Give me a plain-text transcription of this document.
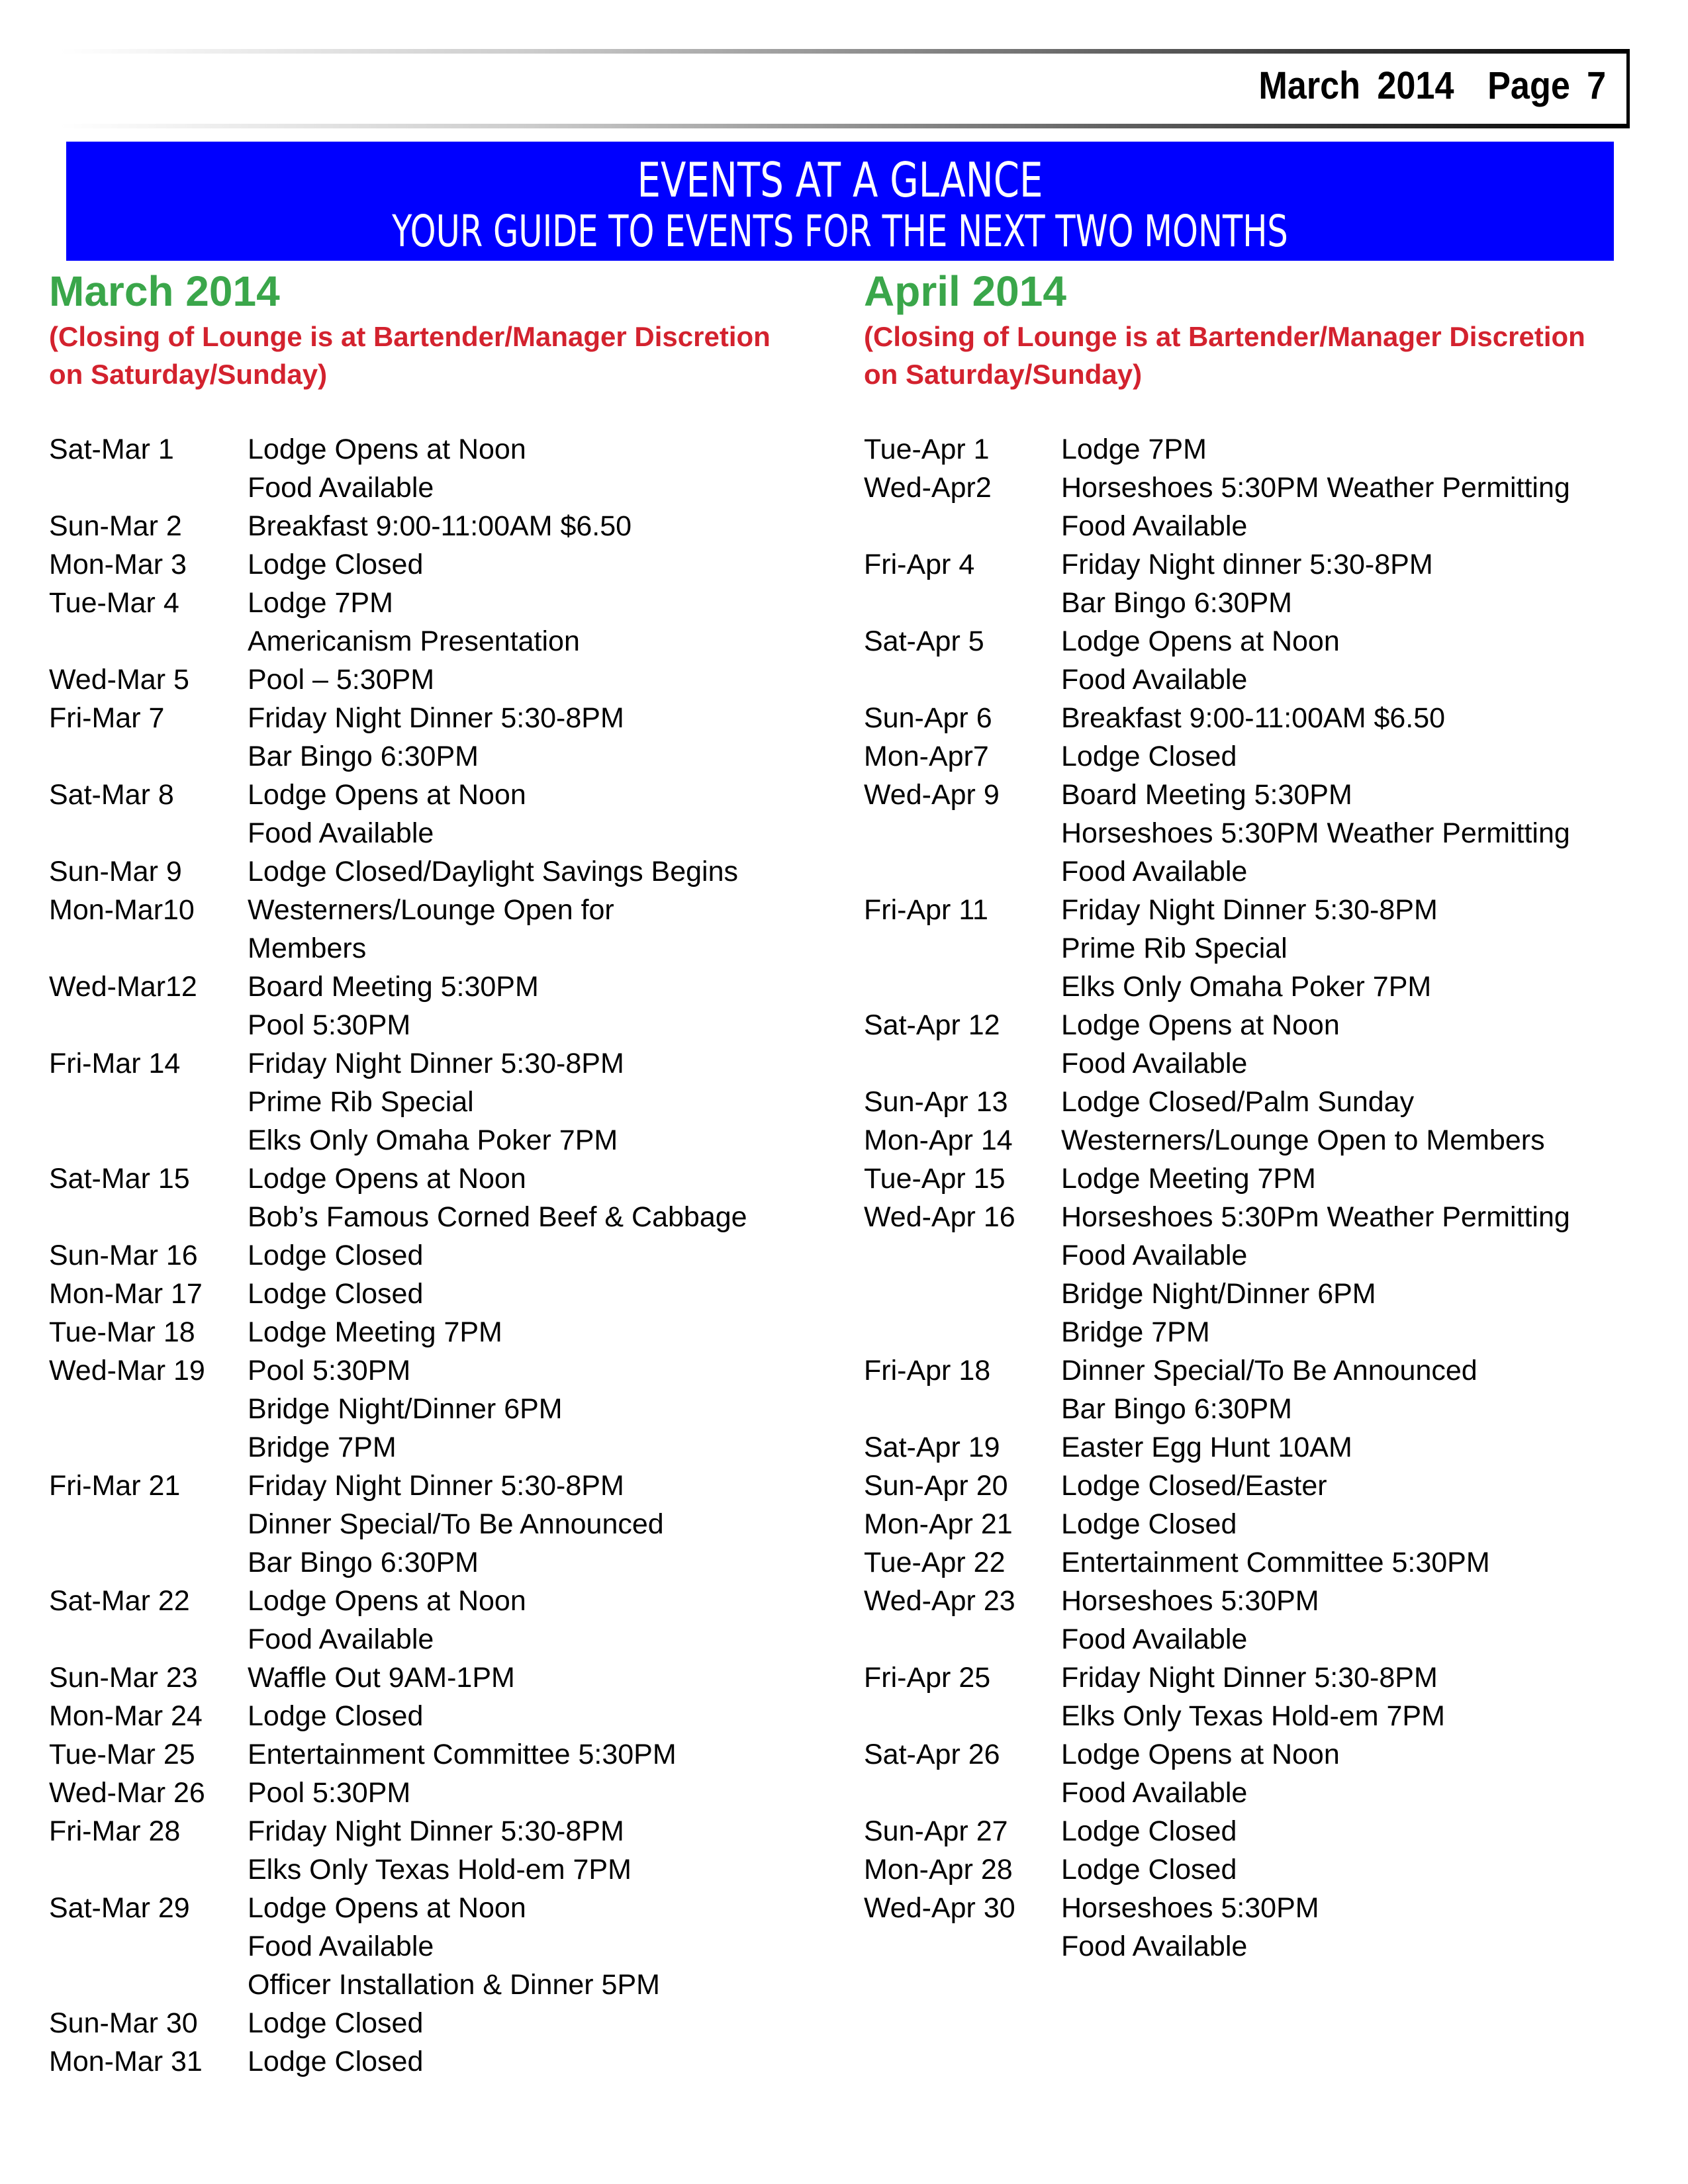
March 2014 Page 7
EVENTS AT A GLANCE
YOUR GUIDE TO EVENTS FOR THE NEXT TWO MONTHS
March 2014
(Closing of Lounge is at Bartender/Manager Discretion on Saturday/Sunday)
Sat-Mar 1	Lodge Opens at Noon
Food Available
Sun-Mar 2	Breakfast 9:00-11:00AM $6.50
Mon-Mar 3	Lodge Closed
Tue-Mar 4	Lodge 7PM
Americanism Presentation
Wed-Mar 5	Pool – 5:30PM
Fri-Mar 7	Friday Night Dinner 5:30-8PM
Bar Bingo 6:30PM
Sat-Mar 8	Lodge Opens at Noon
Food Available
Sun-Mar 9	Lodge Closed/Daylight Savings Begins
Mon-Mar10	Westerners/Lounge Open for
Members
Wed-Mar12	Board Meeting 5:30PM
Pool 5:30PM
Fri-Mar 14	Friday Night Dinner 5:30-8PM
Prime Rib Special
Elks Only Omaha Poker 7PM
Sat-Mar 15	Lodge Opens at Noon
Bob’s Famous Corned Beef & Cabbage
Sun-Mar 16	Lodge Closed
Mon-Mar 17	Lodge Closed
Tue-Mar 18	Lodge Meeting 7PM
Wed-Mar 19	Pool 5:30PM
Bridge Night/Dinner 6PM
Bridge 7PM
Fri-Mar 21	Friday Night Dinner 5:30-8PM
Dinner Special/To Be Announced
Bar Bingo 6:30PM
Sat-Mar 22	Lodge Opens at Noon
Food Available
Sun-Mar 23	Waffle Out 9AM-1PM
Mon-Mar 24	Lodge Closed
Tue-Mar 25	Entertainment Committee 5:30PM
Wed-Mar 26	Pool 5:30PM
Fri-Mar 28	Friday Night Dinner 5:30-8PM
Elks Only Texas Hold-em 7PM
Sat-Mar 29	Lodge Opens at Noon
Food Available
Officer Installation & Dinner 5PM
Sun-Mar 30	Lodge Closed
Mon-Mar 31	Lodge Closed
April 2014
(Closing of Lounge is at Bartender/Manager Discretion on Saturday/Sunday)
Tue-Apr 1	Lodge 7PM
Wed-Apr2	Horseshoes 5:30PM Weather Permitting
Food Available
Fri-Apr 4	Friday Night dinner 5:30-8PM
Bar Bingo 6:30PM
Sat-Apr 5	Lodge Opens at Noon
Food Available
Sun-Apr 6	Breakfast 9:00-11:00AM $6.50
Mon-Apr7	Lodge Closed
Wed-Apr 9	Board Meeting 5:30PM
Horseshoes 5:30PM Weather Permitting
Food Available
Fri-Apr 11	Friday Night Dinner 5:30-8PM
Prime Rib Special
Elks Only Omaha Poker 7PM
Sat-Apr 12	Lodge Opens at Noon
Food Available
Sun-Apr 13	Lodge Closed/Palm Sunday
Mon-Apr 14	Westerners/Lounge Open to Members
Tue-Apr 15	Lodge Meeting 7PM
Wed-Apr 16	Horseshoes 5:30Pm Weather Permitting
Food Available
Bridge Night/Dinner 6PM
Bridge 7PM
Fri-Apr 18	Dinner Special/To Be Announced
Bar Bingo 6:30PM
Sat-Apr 19	Easter Egg Hunt 10AM
Sun-Apr 20	Lodge Closed/Easter
Mon-Apr 21	Lodge Closed
Tue-Apr 22	Entertainment Committee 5:30PM
Wed-Apr 23	Horseshoes 5:30PM
Food Available
Fri-Apr 25	Friday Night Dinner 5:30-8PM
Elks Only Texas Hold-em 7PM
Sat-Apr 26	Lodge Opens at Noon
Food Available
Sun-Apr 27	Lodge Closed
Mon-Apr 28	Lodge Closed
Wed-Apr 30	Horseshoes 5:30PM
Food Available
